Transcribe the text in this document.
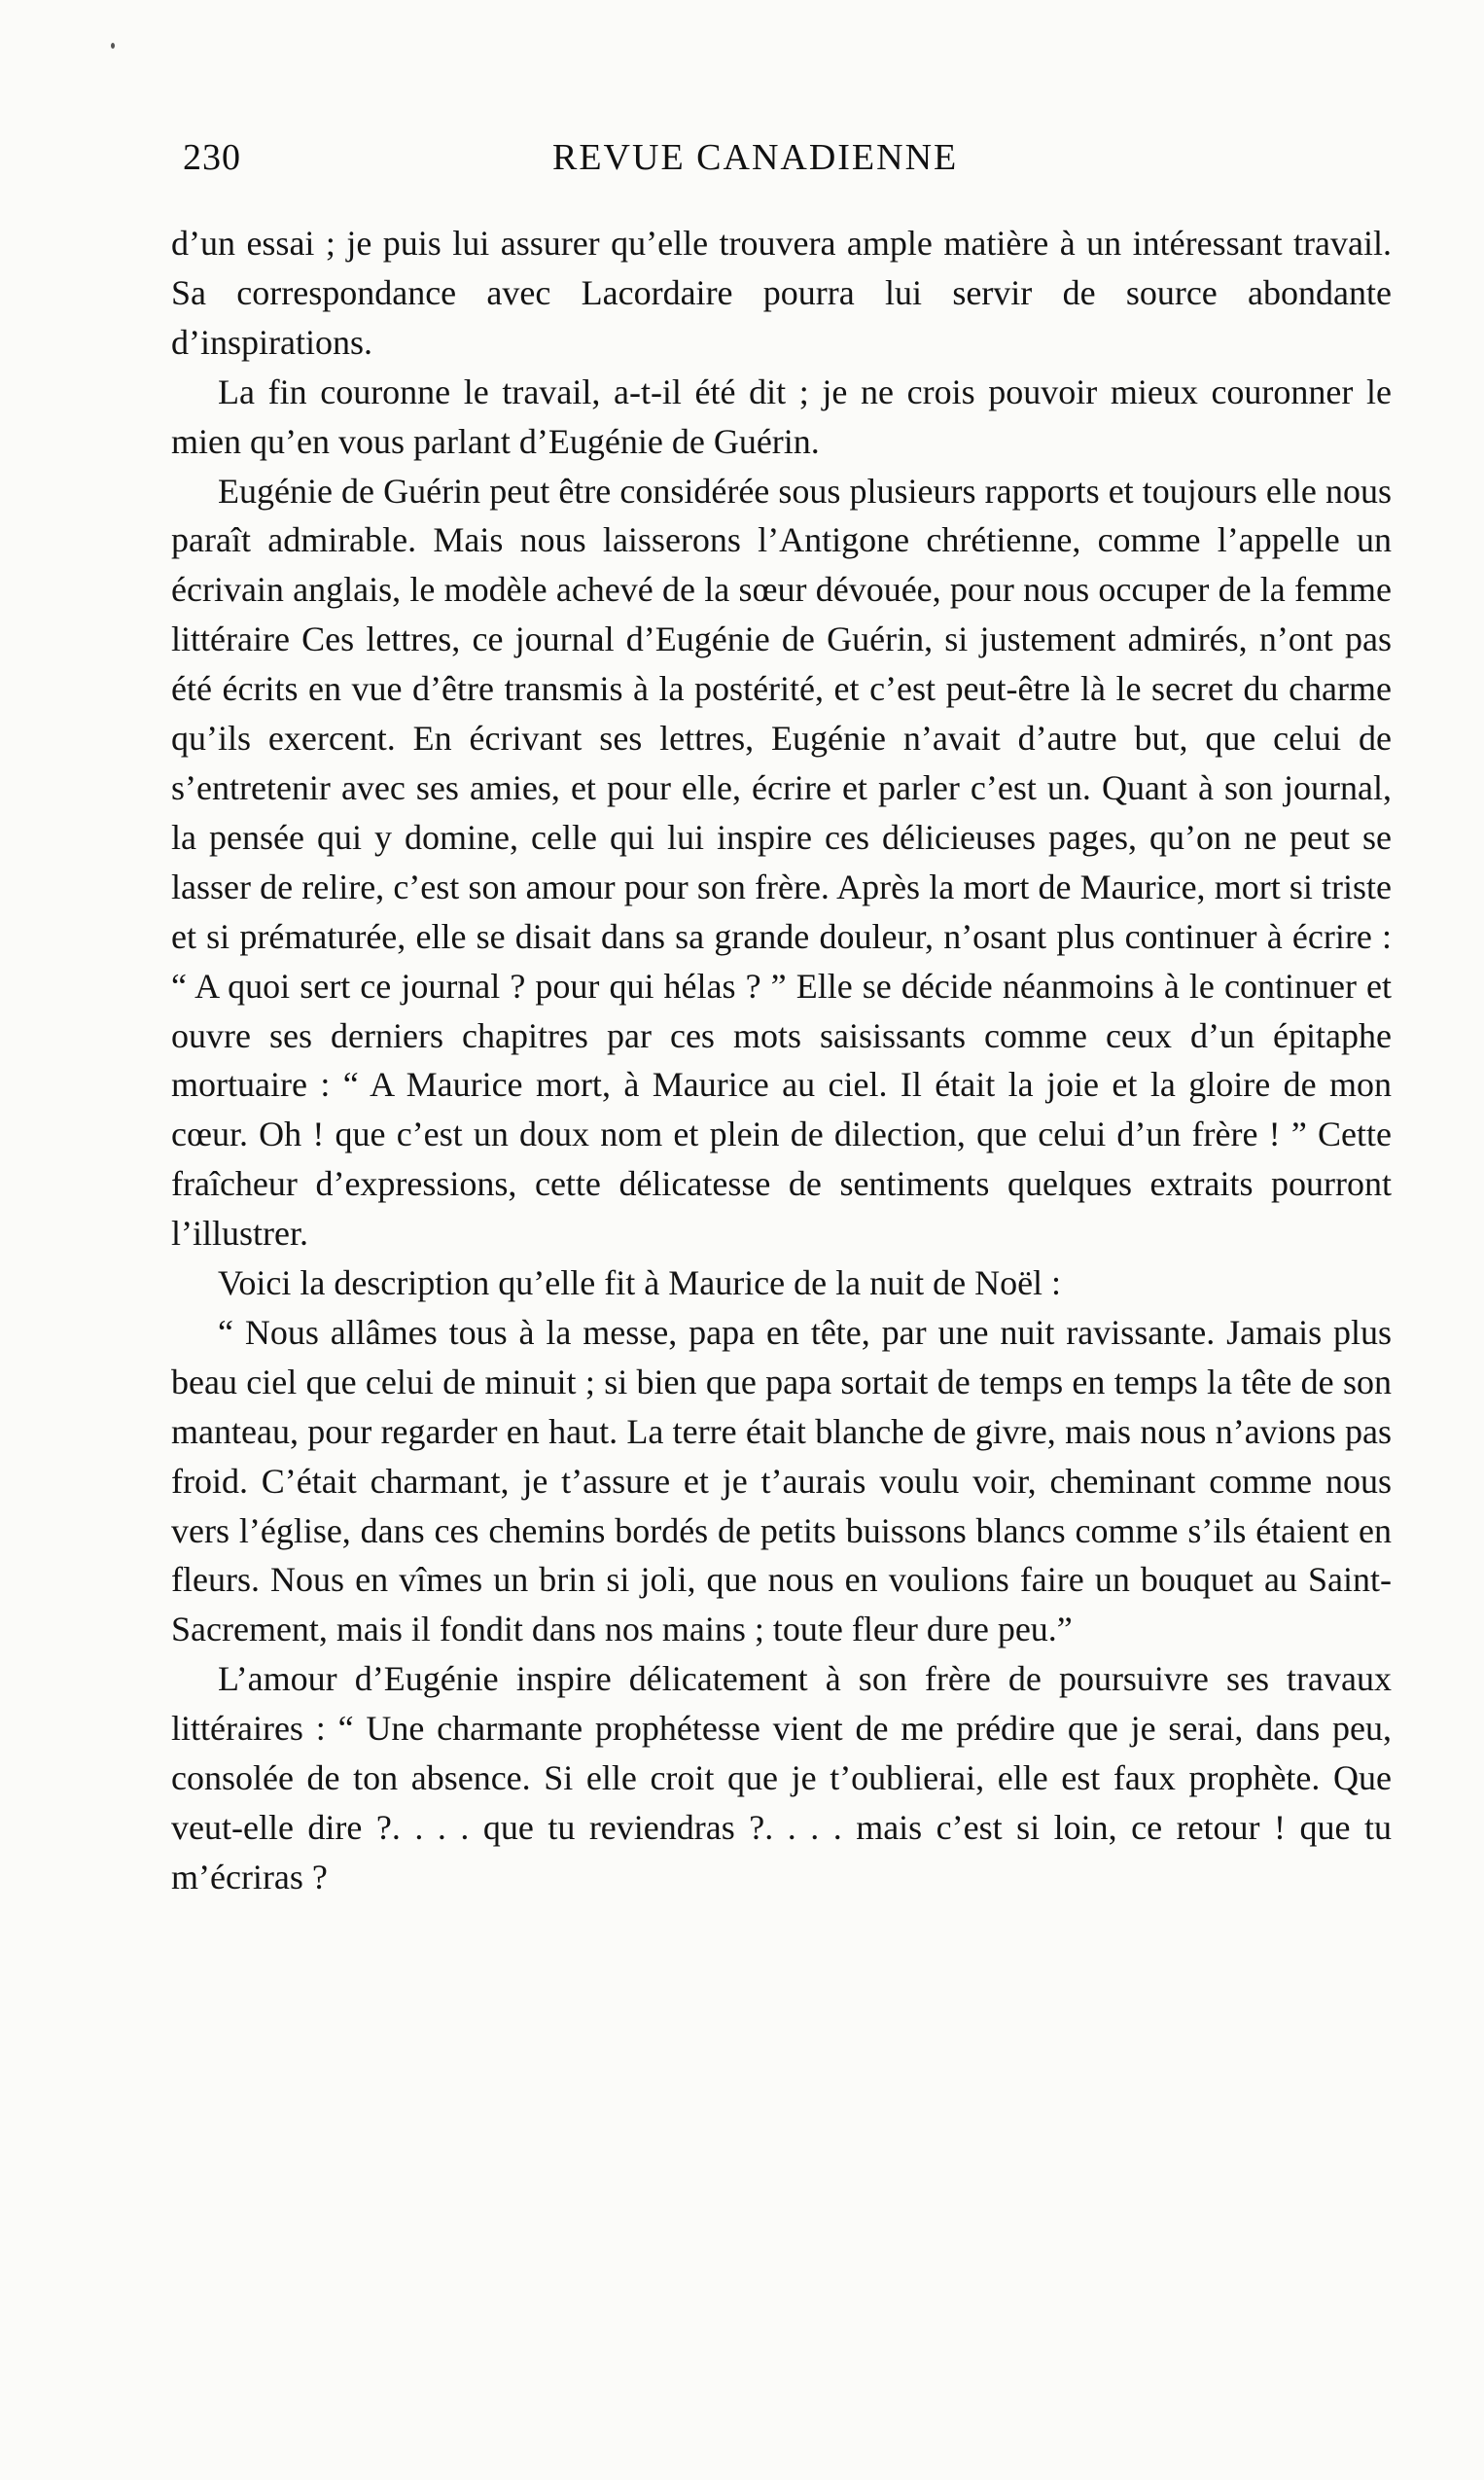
230	REVUE CANADIENNE

d’un essai ; je puis lui assurer qu’elle trouvera ample matière à un intéressant travail. Sa correspondance avec Lacordaire pourra lui servir de source abondante d’inspirations.

La fin couronne le travail, a-t-il été dit ; je ne crois pouvoir mieux couronner le mien qu’en vous parlant d’Eugénie de Guérin.

Eugénie de Guérin peut être considérée sous plusieurs rapports et toujours elle nous paraît admirable. Mais nous laisserons l’Antigone chrétienne, comme l’appelle un écrivain anglais, le modèle achevé de la sœur dévouée, pour nous occuper de la femme littéraire Ces lettres, ce journal d’Eugénie de Guérin, si justement admirés, n’ont pas été écrits en vue d’être transmis à la postérité, et c’est peut-être là le secret du charme qu’ils exercent. En écrivant ses lettres, Eugénie n’avait d’autre but, que celui de s’entretenir avec ses amies, et pour elle, écrire et parler c’est un. Quant à son journal, la pensée qui y domine, celle qui lui inspire ces délicieuses pages, qu’on ne peut se lasser de relire, c’est son amour pour son frère. Après la mort de Maurice, mort si triste et si prématurée, elle se disait dans sa grande douleur, n’osant plus continuer à écrire : “ A quoi sert ce journal ? pour qui hélas ? ” Elle se décide néanmoins à le continuer et ouvre ses derniers chapitres par ces mots saisissants comme ceux d’un épitaphe mortuaire : “ A Maurice mort, à Maurice au ciel. Il était la joie et la gloire de mon cœur. Oh ! que c’est un doux nom et plein de dilection, que celui d’un frère ! ” Cette fraîcheur d’expressions, cette délicatesse de sentiments quelques extraits pourront l’illustrer.

Voici la description qu’elle fit à Maurice de la nuit de Noël :

“ Nous allâmes tous à la messe, papa en tête, par une nuit ravissante. Jamais plus beau ciel que celui de minuit ; si bien que papa sortait de temps en temps la tête de son manteau, pour regarder en haut. La terre était blanche de givre, mais nous n’avions pas froid. C’était charmant, je t’assure et je t’aurais voulu voir, cheminant comme nous vers l’église, dans ces chemins bordés de petits buissons blancs comme s’ils étaient en fleurs. Nous en vîmes un brin si joli, que nous en voulions faire un bouquet au Saint-Sacrement, mais il fondit dans nos mains ; toute fleur dure peu.”

L’amour d’Eugénie inspire délicatement à son frère de poursuivre ses travaux littéraires : “ Une charmante prophétesse vient de me prédire que je serai, dans peu, consolée de ton absence. Si elle croit que je t’oublierai, elle est faux prophète. Que veut-elle dire ?. . . . que tu reviendras ?. . . . mais c’est si loin, ce retour ! que tu m’écriras ?
